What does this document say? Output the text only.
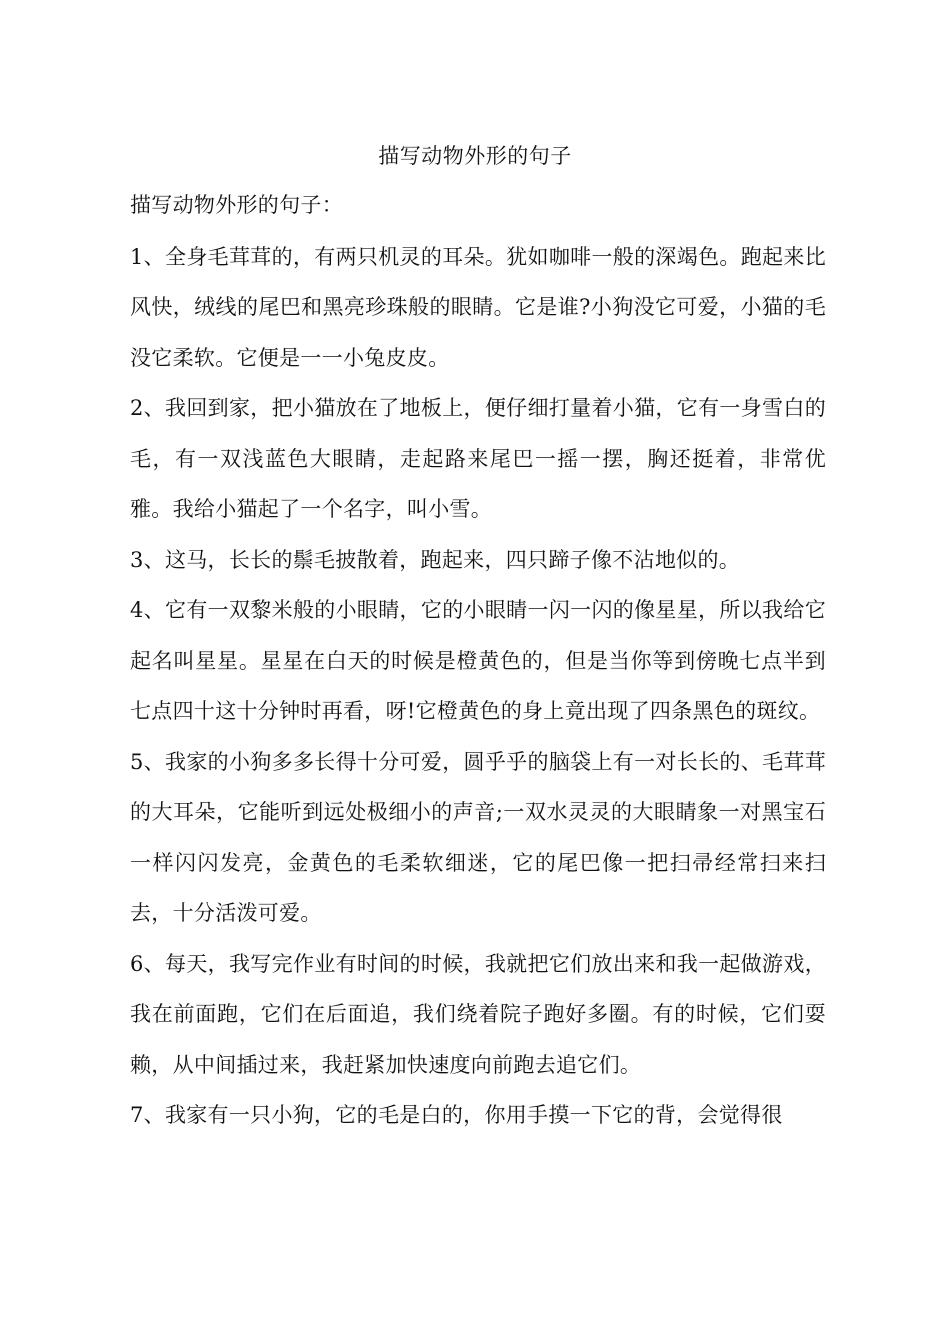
描写动物外形的句子

描写动物外形的句子：

1、全身毛茸茸的，有两只机灵的耳朵。犹如咖啡一般的深竭色。跑起来比风快，绒线的尾巴和黑亮珍珠般的眼睛。它是谁?小狗没它可爱，小猫的毛没它柔软。它便是一一小兔皮皮。

2、我回到家，把小猫放在了地板上，便仔细打量着小猫，它有一身雪白的毛，有一双浅蓝色大眼睛，走起路来尾巴一摇一摆，胸还挺着，非常优雅。我给小猫起了一个名字，叫小雪。

3、这马，长长的鬃毛披散着，跑起来，四只蹄子像不沾地似的。

4、它有一双黎米般的小眼睛，它的小眼睛一闪一闪的像星星，所以我给它起名叫星星。星星在白天的时候是橙黄色的，但是当你等到傍晚七点半到七点四十这十分钟时再看，呀!它橙黄色的身上竟出现了四条黑色的斑纹。

5、我家的小狗多多长得十分可爱，圆乎乎的脑袋上有一对长长的、毛茸茸的大耳朵，它能听到远处极细小的声音;一双水灵灵的大眼睛象一对黑宝石一样闪闪发亮，金黄色的毛柔软细迷，它的尾巴像一把扫帚经常扫来扫去，十分活泼可爱。

6、每天，我写完作业有时间的时候，我就把它们放出来和我一起做游戏，我在前面跑，它们在后面追，我们绕着院子跑好多圈。有的时候，它们耍赖，从中间插过来，我赶紧加快速度向前跑去追它们。

7、我家有一只小狗，它的毛是白的，你用手摸一下它的背，会觉得很
